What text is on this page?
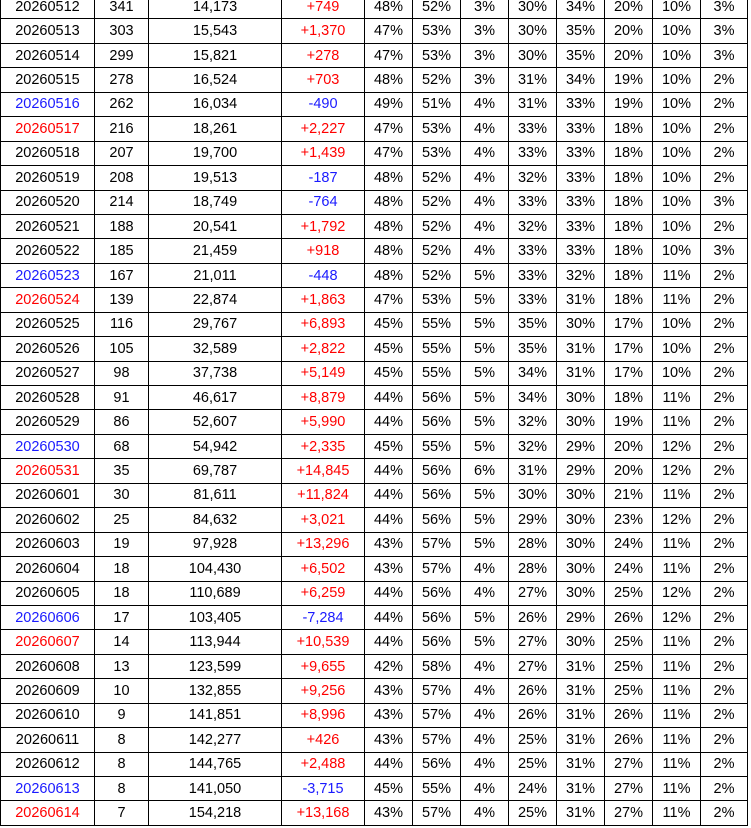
20260512	341	14,173	+749	48%	52%	3%	30%	34%	20%	10%	3%
20260513	303	15,543	+1,370	47%	53%	3%	30%	35%	20%	10%	3%
20260514	299	15,821	+278	47%	53%	3%	30%	35%	20%	10%	3%
20260515	278	16,524	+703	48%	52%	3%	31%	34%	19%	10%	2%
20260516	262	16,034	-490	49%	51%	4%	31%	33%	19%	10%	2%
20260517	216	18,261	+2,227	47%	53%	4%	33%	33%	18%	10%	2%
20260518	207	19,700	+1,439	47%	53%	4%	33%	33%	18%	10%	2%
20260519	208	19,513	-187	48%	52%	4%	32%	33%	18%	10%	2%
20260520	214	18,749	-764	48%	52%	4%	33%	33%	18%	10%	3%
20260521	188	20,541	+1,792	48%	52%	4%	32%	33%	18%	10%	2%
20260522	185	21,459	+918	48%	52%	4%	33%	33%	18%	10%	3%
20260523	167	21,011	-448	48%	52%	5%	33%	32%	18%	11%	2%
20260524	139	22,874	+1,863	47%	53%	5%	33%	31%	18%	11%	2%
20260525	116	29,767	+6,893	45%	55%	5%	35%	30%	17%	10%	2%
20260526	105	32,589	+2,822	45%	55%	5%	35%	31%	17%	10%	2%
20260527	98	37,738	+5,149	45%	55%	5%	34%	31%	17%	10%	2%
20260528	91	46,617	+8,879	44%	56%	5%	34%	30%	18%	11%	2%
20260529	86	52,607	+5,990	44%	56%	5%	32%	30%	19%	11%	2%
20260530	68	54,942	+2,335	45%	55%	5%	32%	29%	20%	12%	2%
20260531	35	69,787	+14,845	44%	56%	6%	31%	29%	20%	12%	2%
20260601	30	81,611	+11,824	44%	56%	5%	30%	30%	21%	11%	2%
20260602	25	84,632	+3,021	44%	56%	5%	29%	30%	23%	12%	2%
20260603	19	97,928	+13,296	43%	57%	5%	28%	30%	24%	11%	2%
20260604	18	104,430	+6,502	43%	57%	4%	28%	30%	24%	11%	2%
20260605	18	110,689	+6,259	44%	56%	4%	27%	30%	25%	12%	2%
20260606	17	103,405	-7,284	44%	56%	5%	26%	29%	26%	12%	2%
20260607	14	113,944	+10,539	44%	56%	5%	27%	30%	25%	11%	2%
20260608	13	123,599	+9,655	42%	58%	4%	27%	31%	25%	11%	2%
20260609	10	132,855	+9,256	43%	57%	4%	26%	31%	25%	11%	2%
20260610	9	141,851	+8,996	43%	57%	4%	26%	31%	26%	11%	2%
20260611	8	142,277	+426	43%	57%	4%	25%	31%	26%	11%	2%
20260612	8	144,765	+2,488	44%	56%	4%	25%	31%	27%	11%	2%
20260613	8	141,050	-3,715	45%	55%	4%	24%	31%	27%	11%	2%
20260614	7	154,218	+13,168	43%	57%	4%	25%	31%	27%	11%	2%
